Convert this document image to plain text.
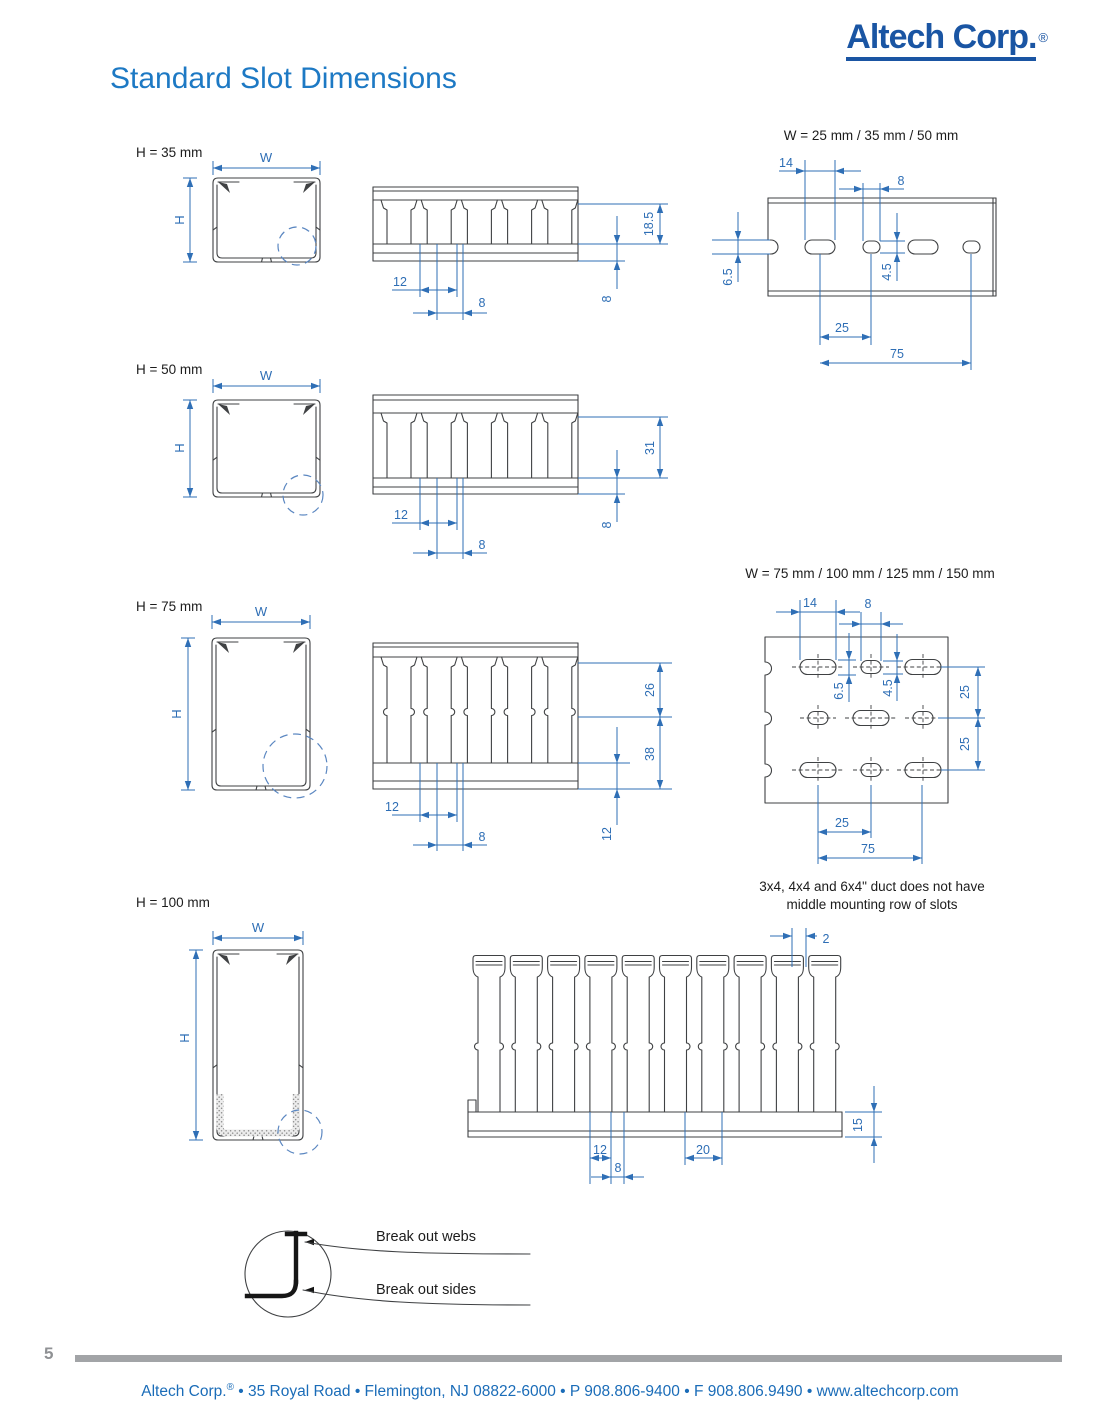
Altech Corp. ®
Standard Slot Dimensions
H = 35 mm
H = 50 mm
H = 75 mm
H = 100 mm
W = 25 mm / 35 mm / 50 mm
W = 75 mm / 100 mm / 125 mm / 150 mm
3x4, 4x4 and 6x4" duct does not have
middle mounting row of slots
Break out webs
Break out sides
W
H
W
H
W
H
W
H
12
8
18.5
8
12
8
31
8
12
8
26
38
12
2
15
12
8
20
14
8
6.5	4.5
25
75
14	8
6.5	4.5	25
25
25
75
5
Altech Corp.® • 35 Royal Road • Flemington, NJ 08822-6000 • P 908.806-9400 • F 908.806.9490 • www.altechcorp.com
